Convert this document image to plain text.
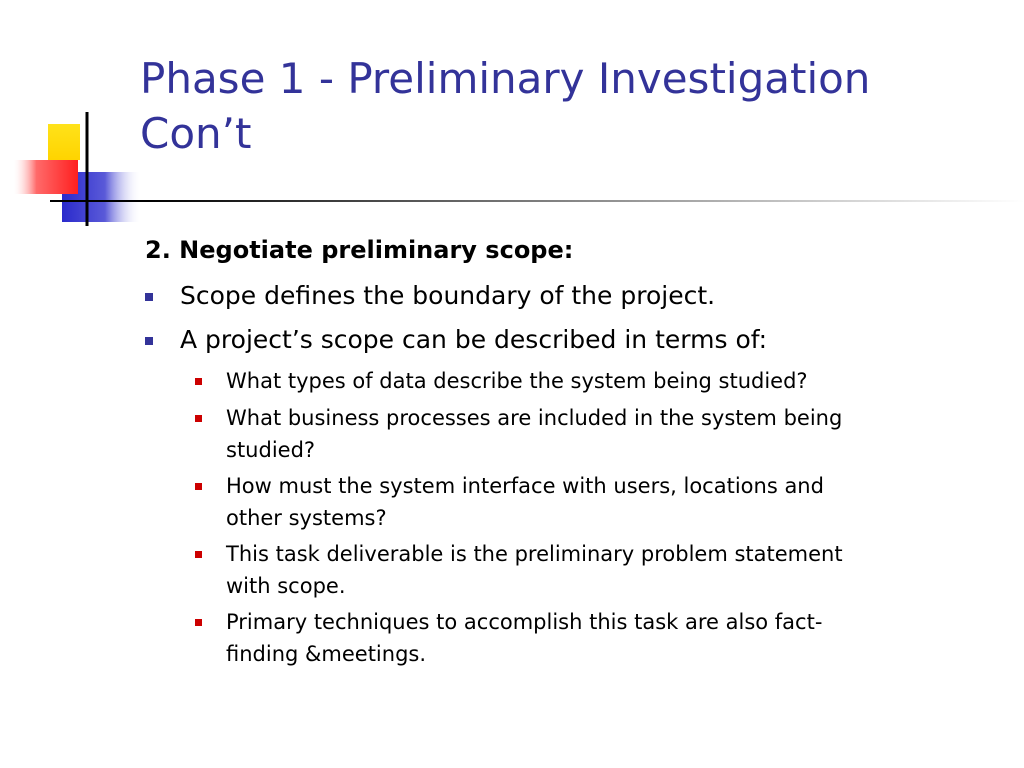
Phase 1 - Preliminary Investigation
Con’t
2. Negotiate preliminary scope:
Scope defines the boundary of the project.
A project’s scope can be described in terms of:
What types of data describe the system being studied?
What business processes are included in the system being
studied?
How must the system interface with users, locations and
other systems?
This task deliverable is the preliminary problem statement
with scope.
Primary techniques to accomplish this task are also fact-
finding &meetings.
